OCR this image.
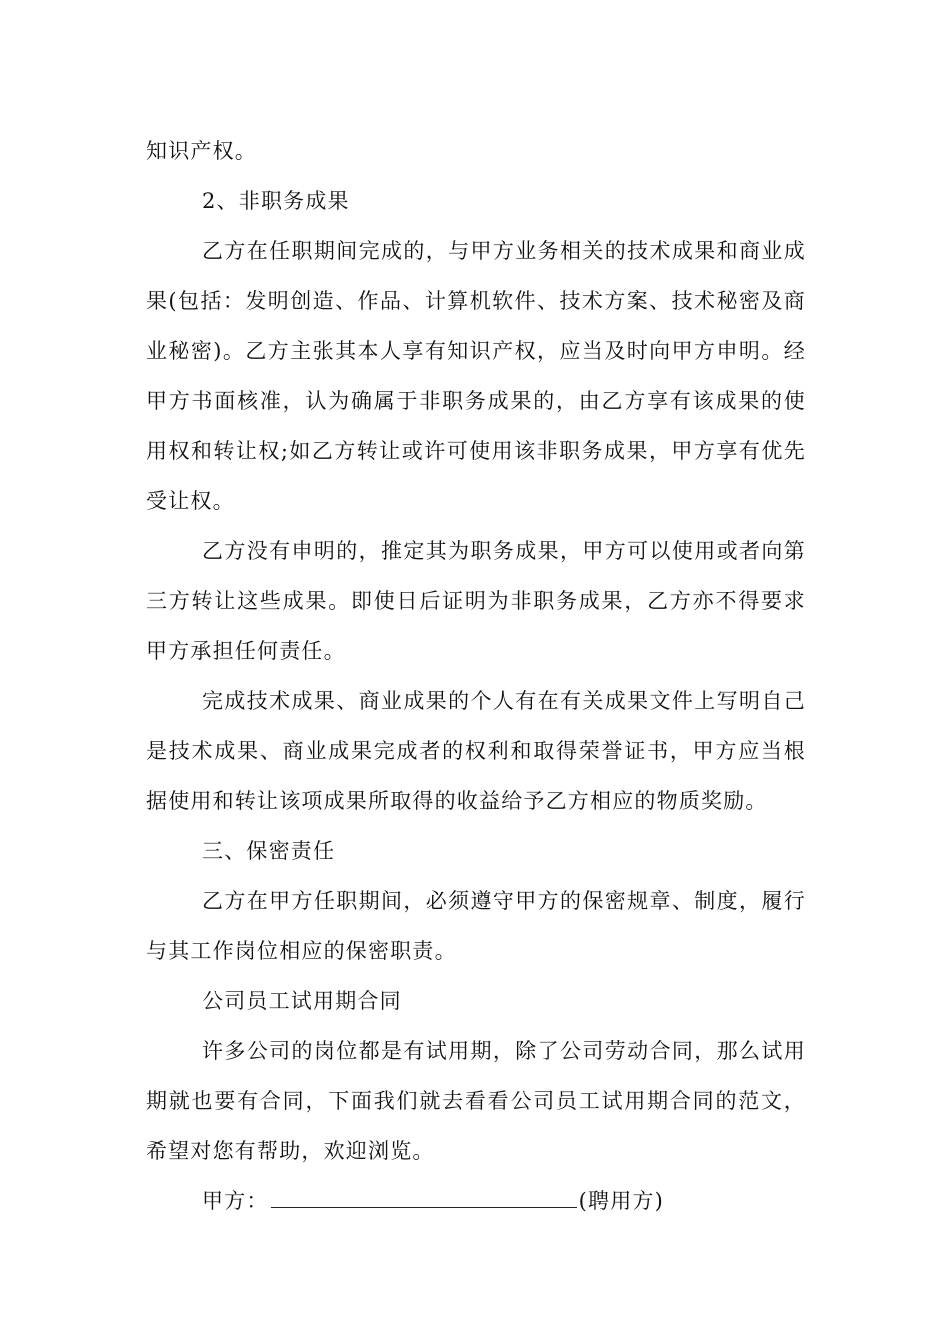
知识产权。

2、非职务成果

乙方在任职期间完成的，与甲方业务相关的技术成果和商业成果(包括：发明创造、作品、计算机软件、技术方案、技术秘密及商业秘密)。乙方主张其本人享有知识产权，应当及时向甲方申明。经甲方书面核准，认为确属于非职务成果的，由乙方享有该成果的使用权和转让权;如乙方转让或许可使用该非职务成果，甲方享有优先受让权。

乙方没有申明的，推定其为职务成果，甲方可以使用或者向第三方转让这些成果。即使日后证明为非职务成果，乙方亦不得要求甲方承担任何责任。

完成技术成果、商业成果的个人有在有关成果文件上写明自己是技术成果、商业成果完成者的权利和取得荣誉证书，甲方应当根据使用和转让该项成果所取得的收益给予乙方相应的物质奖励。

三、保密责任

乙方在甲方任职期间，必须遵守甲方的保密规章、制度，履行与其工作岗位相应的保密职责。

公司员工试用期合同

许多公司的岗位都是有试用期，除了公司劳动合同，那么试用期就也要有合同，下面我们就去看看公司员工试用期合同的范文，希望对您有帮助，欢迎浏览。

甲方：	(聘用方)
